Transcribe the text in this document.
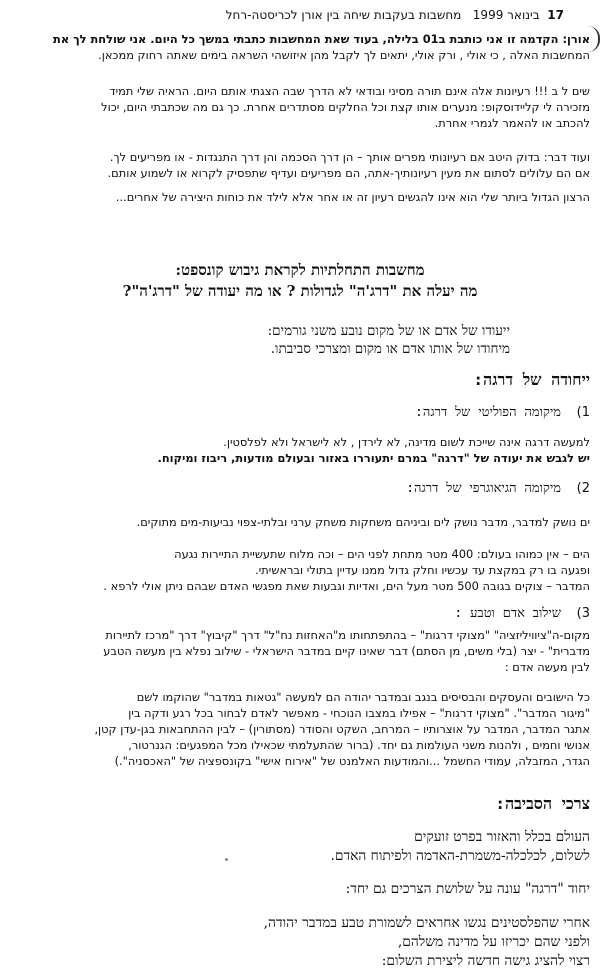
17  בינואר 1999   מחשבות בעקבות שיחה בין אורן לכריסטה-רחל

אורן: הקדמה זו אני כותבת ב01 בלילה, בעוד שאת המחשבות כתבתי במשך כל היום. אני שולחת לך את

המחשבות האלה , כי אולי , ורק אולי, יתאים לך לקבל מהן איזושהי השראה בימים שאתה רחוק ממכאן.

שים ל ב !!! רעיונות אלה אינם תורה מסיני ובודאי לא הדרך שבה הצגתי אותם היום. הראיה שלי תמיד

מזכירה לי קליידוסקופ: מנערים אותו קצת וכל החלקים מסתדרים אחרת. כך גם מה שכתבתי היום, יכול

להכתב או להאמר לגמרי אחרת.

ועוד דבר: בדוק היטב אם רעיונותי מפרים אותך – הן דרך הסכמה והן דרך התנגדות - או מפריעים לך.

אם הם עלולים לסתום את מעין רעיונותיך-אתה, הם מפריעים ועדיף שתפסיק לקרוא או לשמוע אותם.

הרצון הגדול ביותר שלי הוא אינו להגשים רעיון זה או אחר אלא לילד את כוחות היצירה של אחרים...

מחשבות התחלתיות לקראת גיבוש קונספט:

מה יעלה את "דרג'ה" לגדולות ? או מה יעודה של "דרג'ה"?

ייעודו של אדם או של מקום נובע משני גורמים:

מיחודו של אותו אדם או מקום ומצרכי סביבתו.

ייחודה של דרגה:

1)  מיקומה הפוליטי של דרגה:

למעשה דרגה אינה שייכת לשום מדינה, לא לירדן , לא לישראל ולא לפלסטין.

יש לגבש את יעודה של "דרגה" במרם יתעוררו באזור ובעולם מודעות, ריבוז ומיקוח.

2)  מיקומה הגיאוגרפי של דרגה:

ים נושק למדבר, מדבר נושק לים וביניהם משחקות משחק ערני ובלתי-צפוי נביעות-מים מתוקים.

הים – אין כמוהו בעולם: 400 מטר מתחת לפני הים – וכה מלוח שתעשיית התיירות נגעה

ופגעה בו רק במקצת עד עכשיו וחלק גדול ממנו עדיין בתולי ובראשיתי.

המדבר – צוקים בגובה 500 מטר מעל הים, ואדיות וגבעות שאת מפגשי האדם שבהם ניתן אולי לרפא .

3)  שילוב אדם וטבע :

מקום-ה"ציוויליזציה" "מצוקי דרגות" – בהתפתחותו מ"האחזות נח"ל" דרך "קיבוץ" דרך "מרכז לתיירות

מדברית" - יצר (בלי משים, מן הסתם) דבר שאינו קיים במדבר הישראלי - שילוב נפלא בין מעשה הטבע

לבין מעשה אדם :

כל הישובים והעסקים והבסיסים בנגב ובמדבר יהודה הם למעשה "גטאות במדבר" שהוקמו לשם

"מיגור המדבר". "מצוקי דרגות" – אפילו במצבו הנוכחי - מאפשר לאדם לבחור בכל רגע ודקה בין

אתגר המדבר, המדבר על אוצרותיו – המרחב, השקט והסודר (מסתורין) – לבין ההתחבאות בגן-עדן קטן,

אנושי וחמים , ולהנות משני העולמות גם יחד. (ברור שהתעלמתי שכאילו מכל המפגעים: הגנרטור,

הגדר, המזבלה, עמודי החשמל ...והמודעות האלמנט של "אירוח אישי" בקונספציה של "האכסניה".)

צרכי הסביבה:

העולם בכלל והאזור בפרט זועקים

לשלום, לכלכלה-משמרת-האדמה ולפיתוח האדם.

יחוד "דרגה" עונה על שלושת הצרכים גם יחד:

אחרי שהפלסטינים נגשו אחראים לשמורת טבע במדבר יהודה,

ולפני שהם יכריזו על מדינה משלהם,

רצוי להציג גישה חדשה ליצירת השלום:
